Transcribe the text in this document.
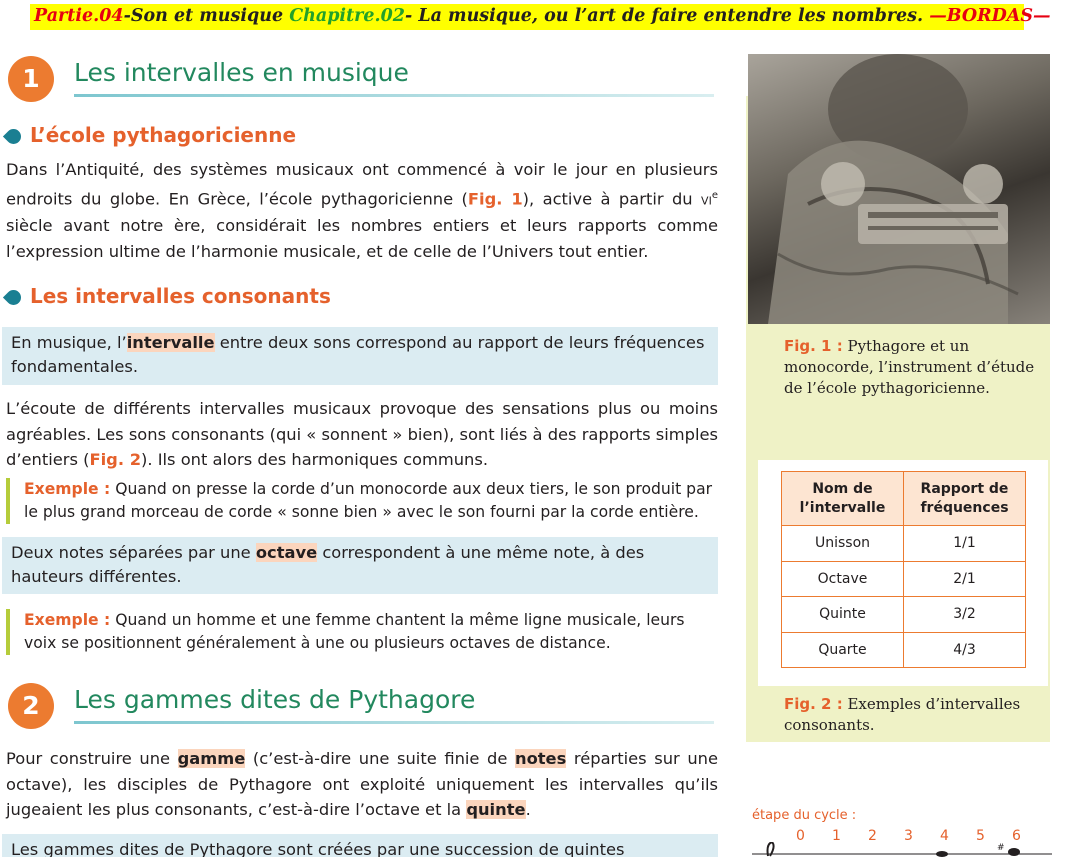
Partie.04-Son et musique Chapitre.02- La musique, ou l’art de faire entendre les nombres. —BORDAS—
1	Les intervalles en musique
L’école pythagoricienne
Dans l’Antiquité, des systèmes musicaux ont commencé à voir le jour en plusieurs endroits du globe. En Grèce, l’école pythagoricienne (Fig. 1), active à partir du VIe siècle avant notre ère, considérait les nombres entiers et leurs rapports comme l’expression ultime de l’harmonie musicale, et de celle de l’Univers tout entier.
Les intervalles consonants
En musique, l’intervalle entre deux sons correspond au rapport de leurs fréquences fondamentales.
L’écoute de différents intervalles musicaux provoque des sensations plus ou moins agréables. Les sons consonants (qui « sonnent » bien), sont liés à des rapports simples d’entiers (Fig. 2). Ils ont alors des harmoniques communs.
Exemple : Quand on presse la corde d’un monocorde aux deux tiers, le son produit par le plus grand morceau de corde « sonne bien » avec le son fourni par la corde entière.
Deux notes séparées par une octave correspondent à une même note, à des hauteurs différentes.
Exemple : Quand un homme et une femme chantent la même ligne musicale, leurs voix se positionnent généralement à une ou plusieurs octaves de distance.
2	Les gammes dites de Pythagore
Pour construire une gamme (c’est-à-dire une suite finie de notes réparties sur une octave), les disciples de Pythagore ont exploité uniquement les intervalles qu’ils jugeaient les plus consonants, c’est-à-dire l’octave et la quinte.
Les gammes dites de Pythagore sont créées par une succession de quintes
Fig. 1 : Pythagore et un monocorde, l’instrument d’étude de l’école pythagoricienne.
Nom de l’intervalle	Rapport de fréquences
Unisson	1/1
Octave	2/1
Quinte	3/2
Quarte	4/3
Fig. 2 : Exemples d’intervalles consonants.
étape du cycle :
0 1 2 3 4 5 6
#
